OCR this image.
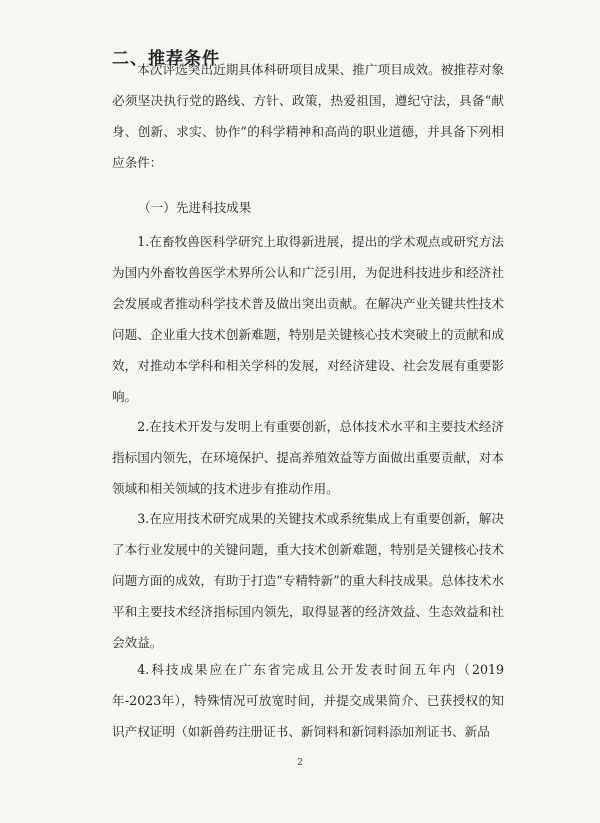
二、推荐条件

本次评选突出近期具体科研项目成果、推广项目成效。被推荐对象必须坚决执行党的路线、方针、政策，热爱祖国，遵纪守法，具备“献身、创新、求实、协作”的科学精神和高尚的职业道德，并具备下列相应条件：

（一）先进科技成果

1.在畜牧兽医科学研究上取得新进展，提出的学术观点或研究方法为国内外畜牧兽医学术界所公认和广泛引用，为促进科技进步和经济社会发展或者推动科学技术普及做出突出贡献。在解决产业关键共性技术问题、企业重大技术创新难题，特别是关键核心技术突破上的贡献和成效，对推动本学科和相关学科的发展，对经济建设、社会发展有重要影响。

2.在技术开发与发明上有重要创新，总体技术水平和主要技术经济指标国内领先，在环境保护、提高养殖效益等方面做出重要贡献，对本领域和相关领域的技术进步有推动作用。

3.在应用技术研究成果的关键技术或系统集成上有重要创新，解决了本行业发展中的关键问题，重大技术创新难题，特别是关键核心技术问题方面的成效，有助于打造“专精特新”的重大科技成果。总体技术水平和主要技术经济指标国内领先，取得显著的经济效益、生态效益和社会效益。

4.科技成果应在广东省完成且公开发表时间五年内（2019年-2023年），特殊情况可放宽时间，并提交成果简介、已获授权的知识产权证明（如新兽药注册证书、新饲料和新饲料添加剂证书、新品

2
